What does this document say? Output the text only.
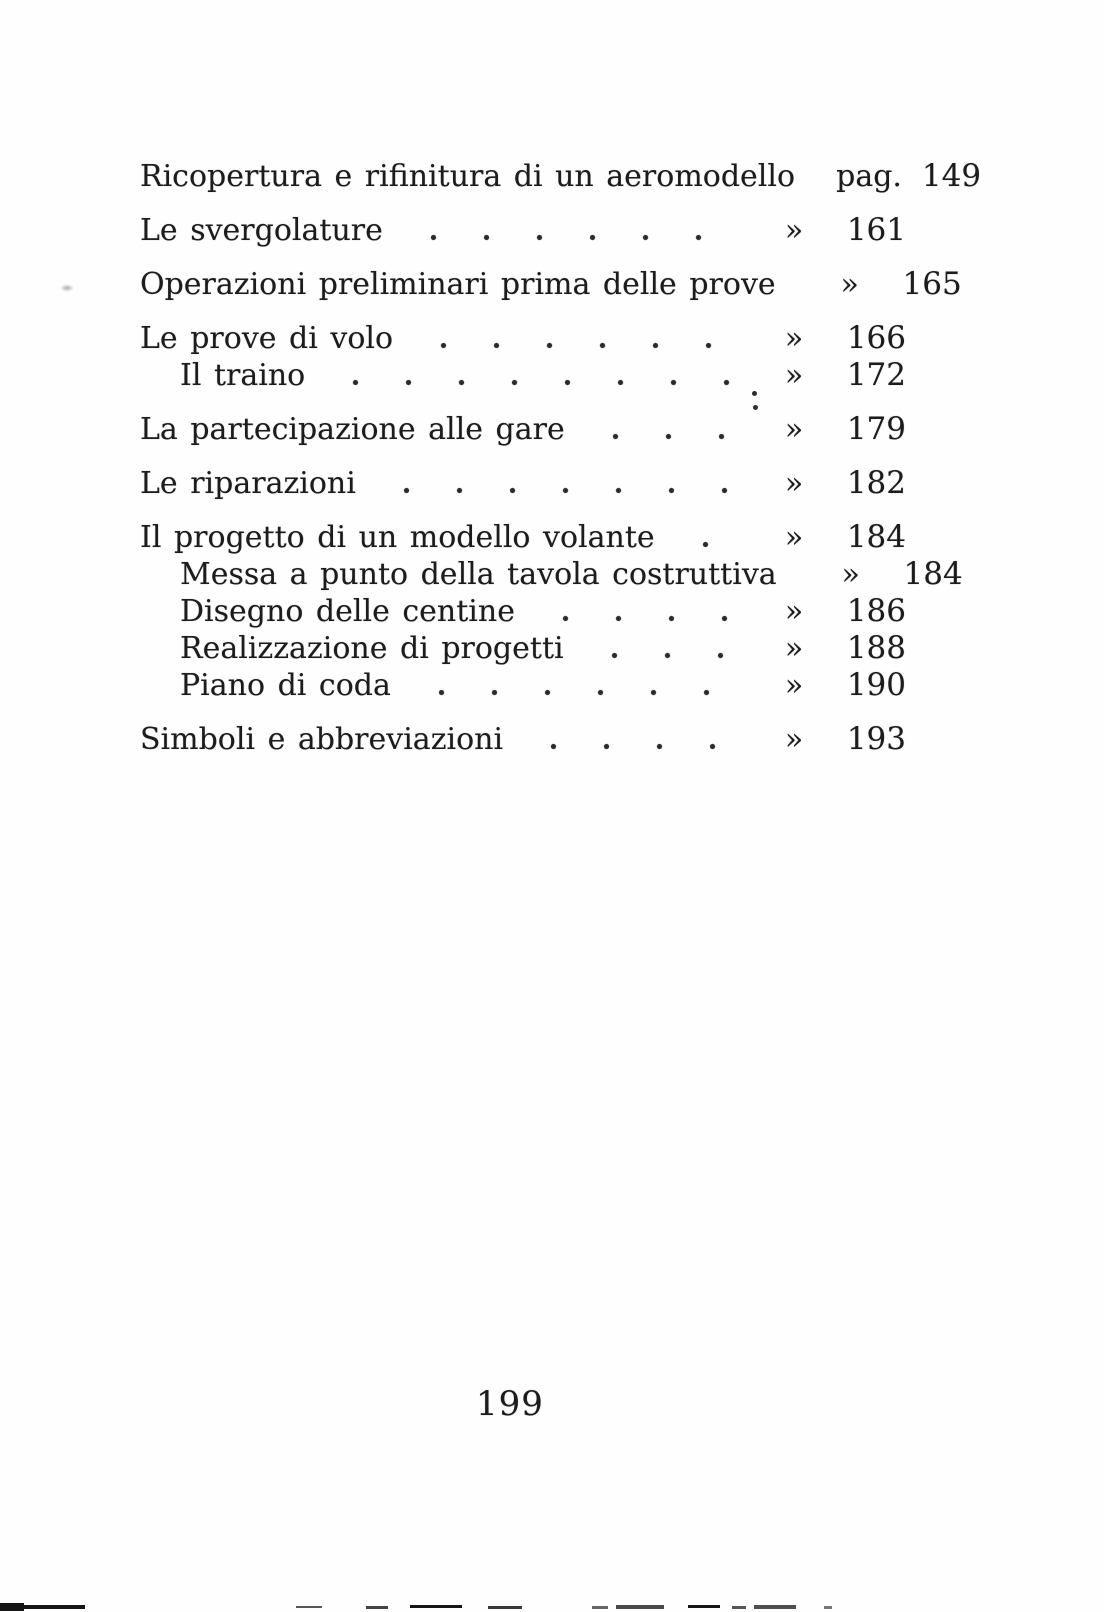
Ricopertura e rifinitura di un aeromodello pag. 149
Le svergolature	»	161
Operazioni preliminari prima delle prove	»	165
Le prove di volo	»	166
Il traino	»	172
La partecipazione alle gare	»	179
Le riparazioni	»	182
Il progetto di un modello volante	»	184
Messa a punto della tavola costruttiva	»	184
Disegno delle centine	»	186
Realizzazione di progetti	»	188
Piano di coda	»	190
Simboli e abbreviazioni	»	193
199
